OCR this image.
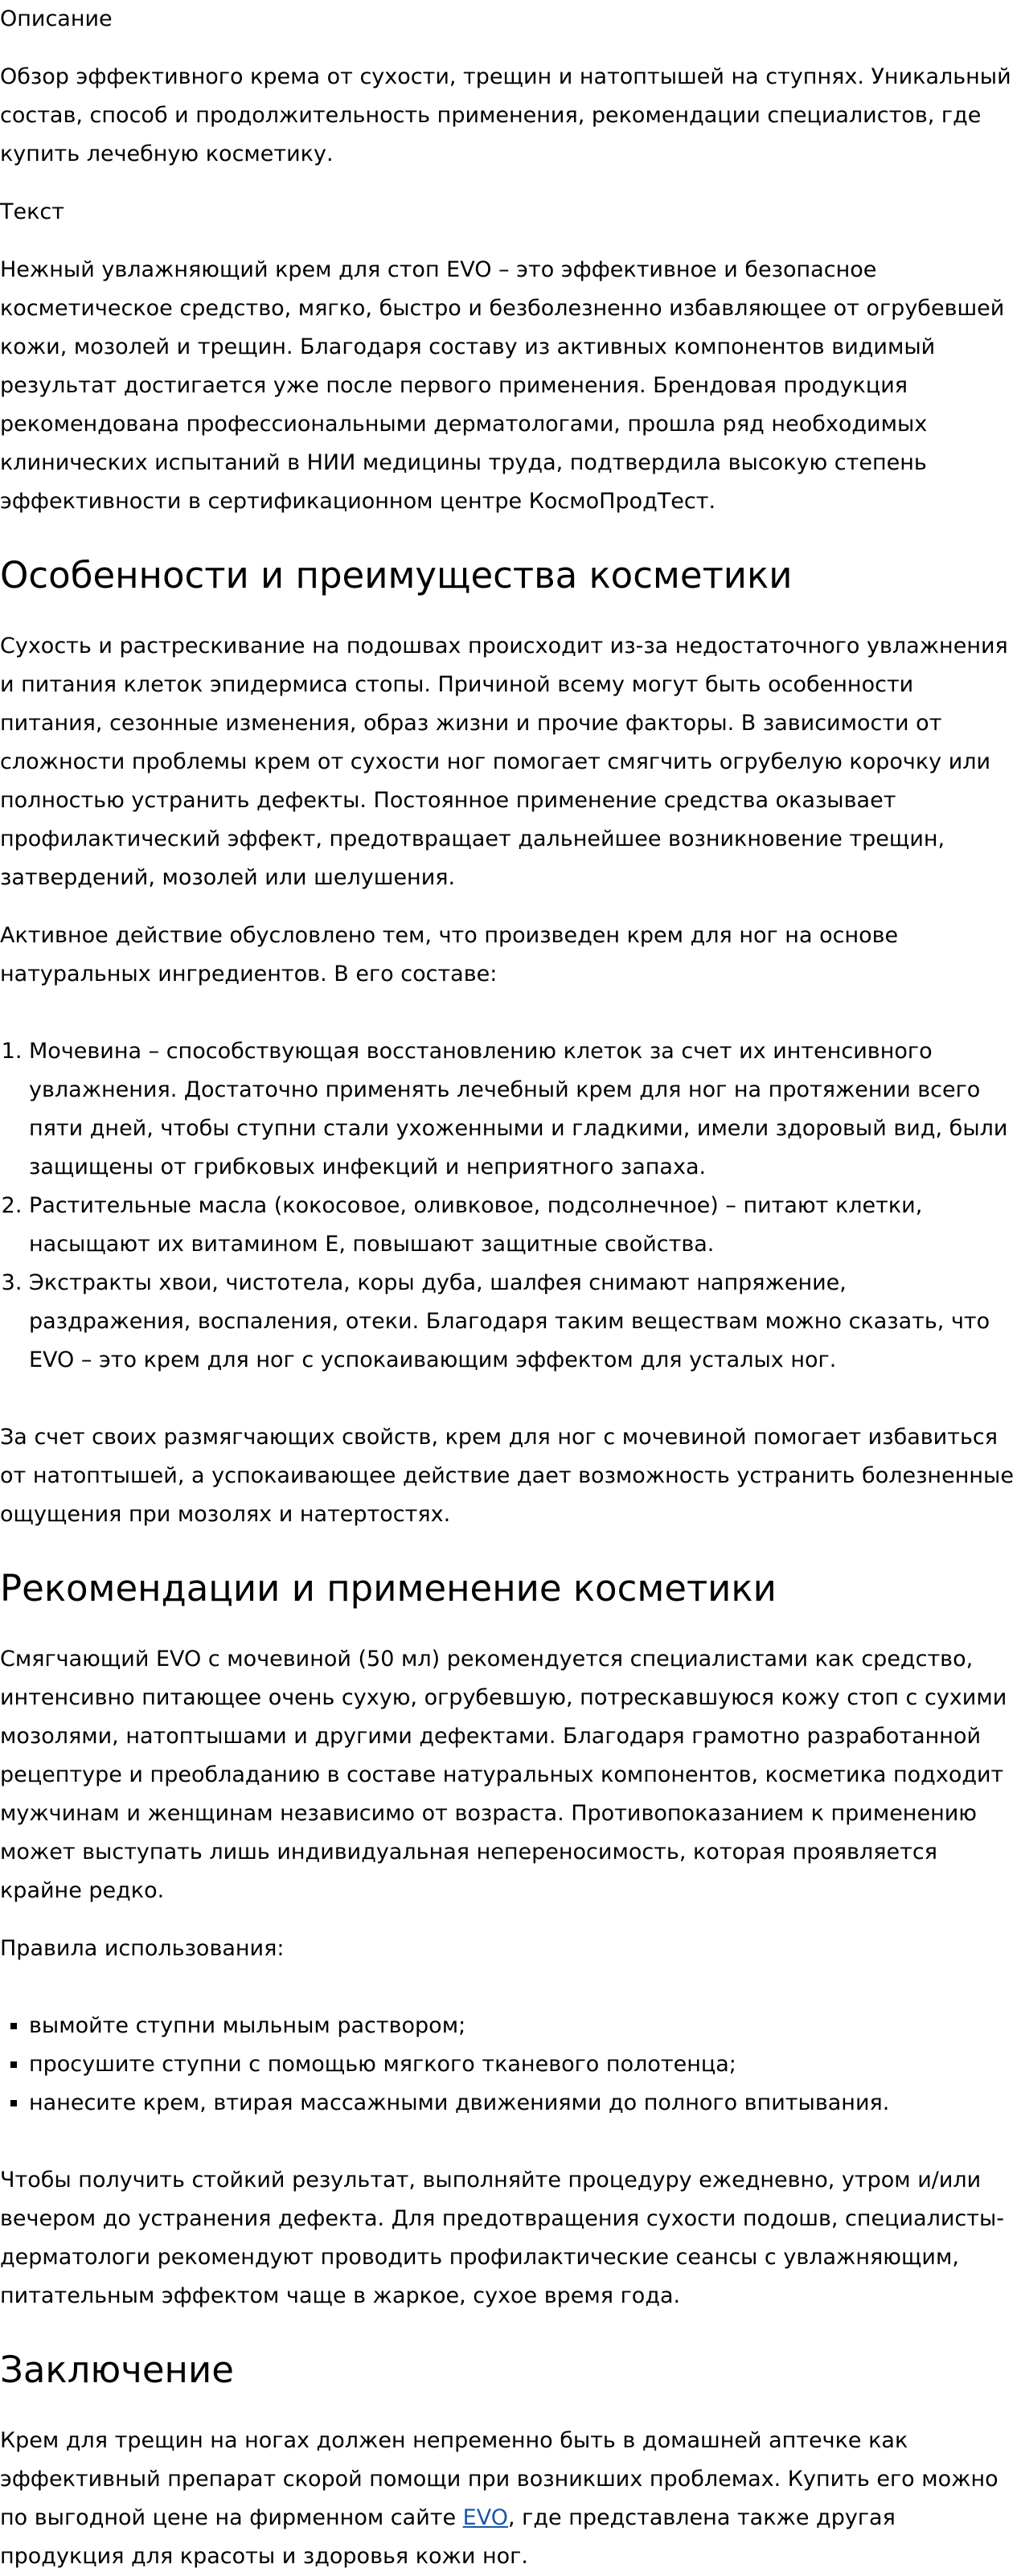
Описание

Обзор эффективного крема от сухости, трещин и натоптышей на ступнях. Уникальный состав, способ и продолжительность применения, рекомендации специалистов, где купить лечебную косметику.

Текст

Нежный увлажняющий крем для стоп EVO – это эффективное и безопасное косметическое средство, мягко, быстро и безболезненно избавляющее от огрубевшей кожи, мозолей и трещин. Благодаря составу из активных компонентов видимый результат достигается уже после первого применения. Брендовая продукция рекомендована профессиональными дерматологами, прошла ряд необходимых клинических испытаний в НИИ медицины труда, подтвердила высокую степень эффективности в сертификационном центре КосмоПродТест.

Особенности и преимущества косметики

Сухость и растрескивание на подошвах происходит из-за недостаточного увлажнения и питания клеток эпидермиса стопы. Причиной всему могут быть особенности питания, сезонные изменения, образ жизни и прочие факторы. В зависимости от сложности проблемы крем от сухости ног помогает смягчить огрубелую корочку или полностью устранить дефекты. Постоянное применение средства оказывает профилактический эффект, предотвращает дальнейшее возникновение трещин, затвердений, мозолей или шелушения.

Активное действие обусловлено тем, что произведен крем для ног на основе натуральных ингредиентов. В его составе:

1. Мочевина – способствующая восстановлению клеток за счет их интенсивного увлажнения. Достаточно применять лечебный крем для ног на протяжении всего пяти дней, чтобы ступни стали ухоженными и гладкими, имели здоровый вид, были защищены от грибковых инфекций и неприятного запаха.
2. Растительные масла (кокосовое, оливковое, подсолнечное) – питают клетки, насыщают их витамином Е, повышают защитные свойства.
3. Экстракты хвои, чистотела, коры дуба, шалфея снимают напряжение, раздражения, воспаления, отеки. Благодаря таким веществам можно сказать, что EVO – это крем для ног с успокаивающим эффектом для усталых ног.

За счет своих размягчающих свойств, крем для ног с мочевиной помогает избавиться от натоптышей, а успокаивающее действие дает возможность устранить болезненные ощущения при мозолях и натертостях.

Рекомендации и применение косметики

Смягчающий EVO с мочевиной (50 мл) рекомендуется специалистами как средство, интенсивно питающее очень сухую, огрубевшую, потрескавшуюся кожу стоп с сухими мозолями, натоптышами и другими дефектами. Благодаря грамотно разработанной рецептуре и преобладанию в составе натуральных компонентов, косметика подходит мужчинам и женщинам независимо от возраста. Противопоказанием к применению может выступать лишь индивидуальная непереносимость, которая проявляется крайне редко.

Правила использования:

▪ вымойте ступни мыльным раствором;
▪ просушите ступни с помощью мягкого тканевого полотенца;
▪ нанесите крем, втирая массажными движениями до полного впитывания.

Чтобы получить стойкий результат, выполняйте процедуру ежедневно, утром и/или вечером до устранения дефекта. Для предотвращения сухости подошв, специалисты-дерматологи рекомендуют проводить профилактические сеансы с увлажняющим, питательным эффектом чаще в жаркое, сухое время года.

Заключение

Крем для трещин на ногах должен непременно быть в домашней аптечке как эффективный препарат скорой помощи при возникших проблемах. Купить его можно по выгодной цене на фирменном сайте EVO, где представлена также другая продукция для красоты и здоровья кожи ног.
